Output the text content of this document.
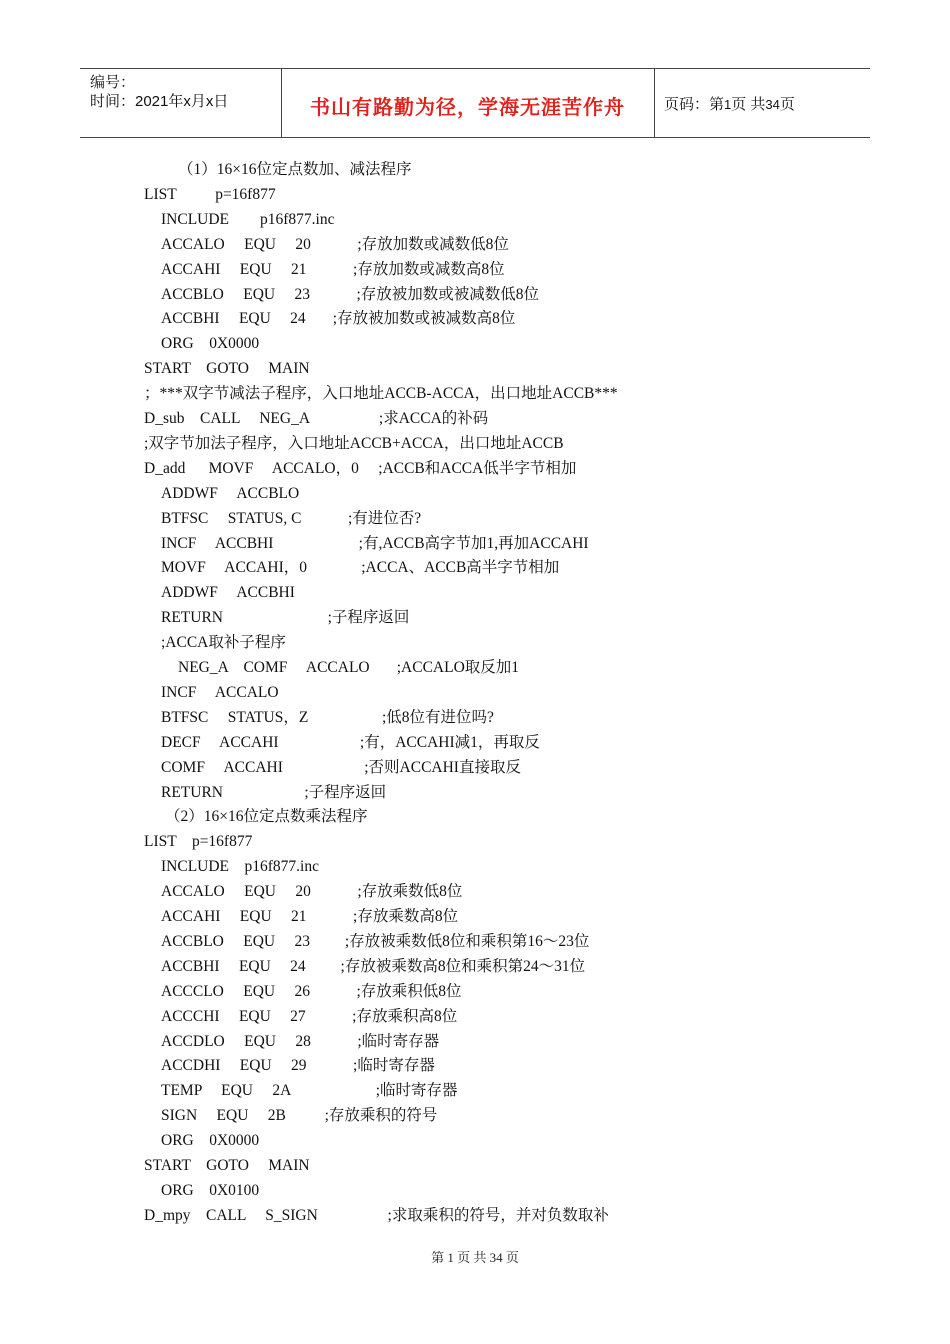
编号：
时间：2021年x月x日	书山有路勤为径，学海无涯苦作舟	页码：第1页 共34页
（1）16×16位定点数加、减法程序
LIST          p=16f877
INCLUDE        p16f877.inc
ACCALO     EQU     20            ;存放加数或减数低8位
ACCAHI     EQU     21            ;存放加数或减数高8位
ACCBLO     EQU     23            ;存放被加数或被减数低8位
ACCBHI     EQU     24       ;存放被加数或被减数高8位
ORG    0X0000
START    GOTO     MAIN
；***双字节减法子程序，入口地址ACCB-ACCA，出口地址ACCB***
D_sub    CALL     NEG_A                  ;求ACCA的补码
;双字节加法子程序，入口地址ACCB+ACCA，出口地址ACCB
D_add      MOVF     ACCALO，0     ;ACCB和ACCA低半字节相加
ADDWF     ACCBLO
BTFSC     STATUS, C            ;有进位否?
INCF     ACCBHI                      ;有,ACCB高字节加1,再加ACCAHI
MOVF     ACCAHI，0              ;ACCA、ACCB高半字节相加
ADDWF     ACCBHI
RETURN                           ;子程序返回
;ACCA取补子程序
NEG_A    COMF     ACCALO       ;ACCALO取反加1
INCF     ACCALO
BTFSC     STATUS，Z                   ;低8位有进位吗?
DECF     ACCAHI                     ;有，ACCAHI减1，再取反
COMF     ACCAHI                     ;否则ACCAHI直接取反
RETURN                     ;子程序返回
（2）16×16位定点数乘法程序
LIST    p=16f877
INCLUDE    p16f877.inc
ACCALO     EQU     20            ;存放乘数低8位
ACCAHI     EQU     21            ;存放乘数高8位
ACCBLO     EQU     23         ;存放被乘数低8位和乘积第16～23位
ACCBHI     EQU     24         ;存放被乘数高8位和乘积第24～31位
ACCCLO     EQU     26            ;存放乘积低8位
ACCCHI     EQU     27            ;存放乘积高8位
ACCDLO     EQU     28            ;临时寄存器
ACCDHI     EQU     29            ;临时寄存器
TEMP     EQU     2A                      ;临时寄存器
SIGN     EQU     2B          ;存放乘积的符号
ORG    0X0000
START    GOTO     MAIN
ORG    0X0100
D_mpy    CALL     S_SIGN                  ;求取乘积的符号，并对负数取补
第 1 页 共 34 页
